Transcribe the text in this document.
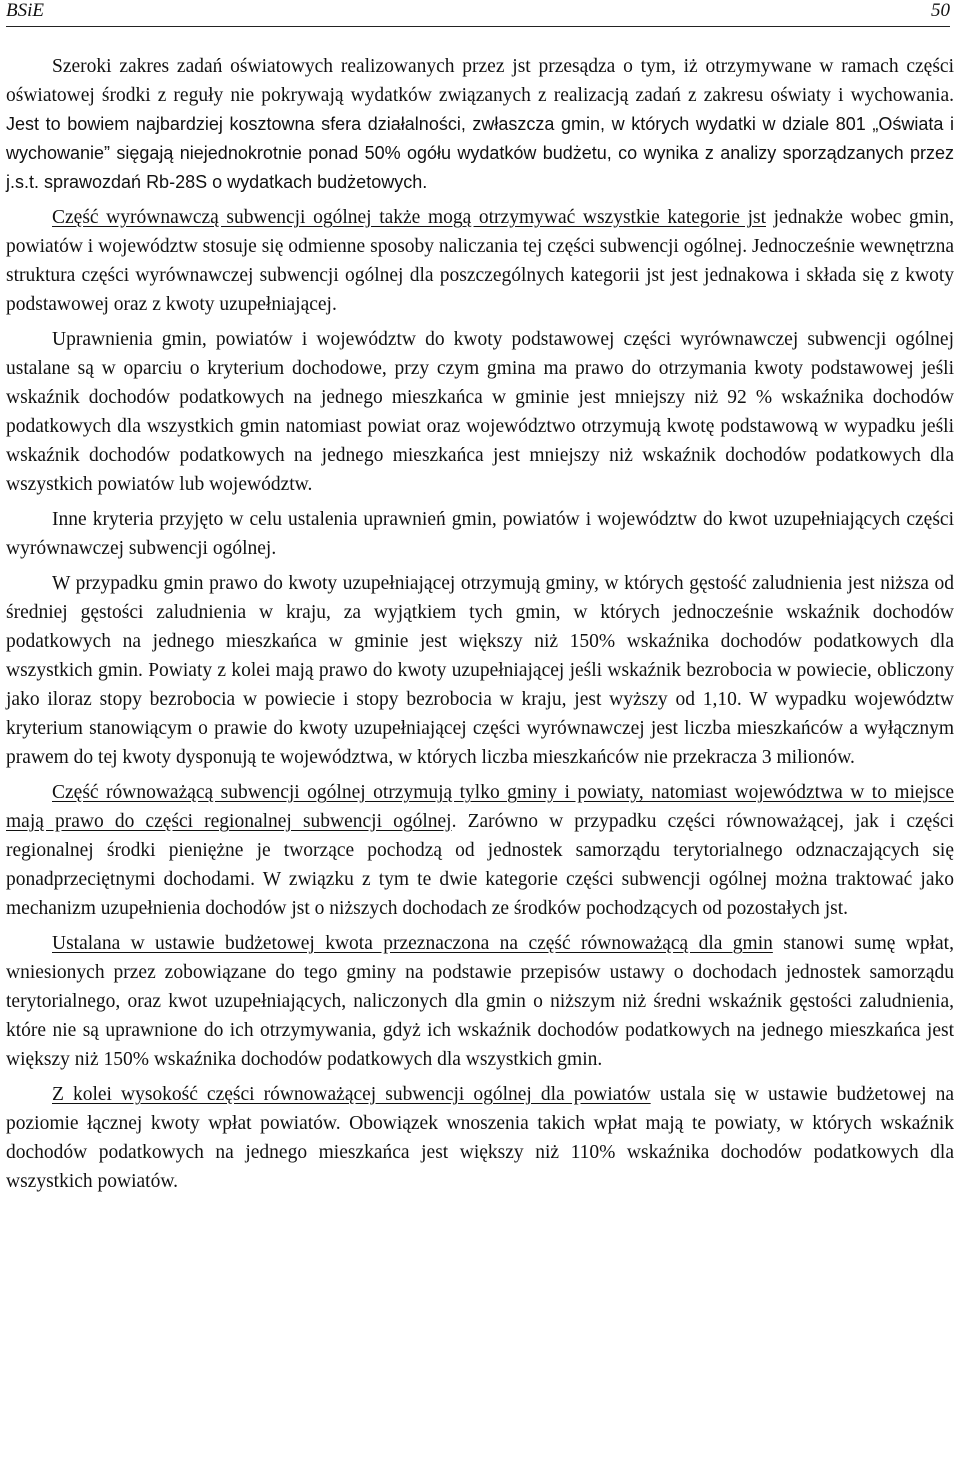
BSiE	50

Szeroki zakres zadań oświatowych realizowanych przez jst przesądza o tym, iż otrzymywane w ramach części oświatowej środki z reguły nie pokrywają wydatków związanych z realizacją zadań z zakresu oświaty i wychowania. Jest to bowiem najbardziej kosztowna sfera działalności, zwłaszcza gmin, w których wydatki w dziale 801 „Oświata i wychowanie” sięgają niejednokrotnie ponad 50% ogółu wydatków budżetu, co wynika z analizy sporządzanych przez j.s.t. sprawozdań Rb-28S o wydatkach budżetowych.

Część wyrównawczą subwencji ogólnej także mogą otrzymywać wszystkie kategorie jst jednakże wobec gmin, powiatów i województw stosuje się odmienne sposoby naliczania tej części subwencji ogólnej. Jednocześnie wewnętrzna struktura części wyrównawczej subwencji ogólnej dla poszczególnych kategorii jst jest jednakowa i składa się z kwoty podstawowej oraz z kwoty uzupełniającej.

Uprawnienia gmin, powiatów i województw do kwoty podstawowej części wyrównawczej subwencji ogólnej ustalane są w oparciu o kryterium dochodowe, przy czym gmina ma prawo do otrzymania kwoty podstawowej jeśli wskaźnik dochodów podatkowych na jednego mieszkańca w gminie jest mniejszy niż 92 % wskaźnika dochodów podatkowych dla wszystkich gmin natomiast powiat oraz województwo otrzymują kwotę podstawową w wypadku jeśli wskaźnik dochodów podatkowych na jednego mieszkańca jest mniejszy niż wskaźnik dochodów podatkowych dla wszystkich powiatów lub województw.

Inne kryteria przyjęto w celu ustalenia uprawnień gmin, powiatów i województw do kwot uzupełniających części wyrównawczej subwencji ogólnej.

W przypadku gmin prawo do kwoty uzupełniającej otrzymują gminy, w których gęstość zaludnienia jest niższa od średniej gęstości zaludnienia w kraju, za wyjątkiem tych gmin, w których jednocześnie wskaźnik dochodów podatkowych na jednego mieszkańca w gminie jest większy niż 150% wskaźnika dochodów podatkowych dla wszystkich gmin. Powiaty z kolei mają prawo do kwoty uzupełniającej jeśli wskaźnik bezrobocia w powiecie, obliczony jako iloraz stopy bezrobocia w powiecie i stopy bezrobocia w kraju, jest wyższy od 1,10. W wypadku województw kryterium stanowiącym o prawie do kwoty uzupełniającej części wyrównawczej jest liczba mieszkańców a wyłącznym prawem do tej kwoty dysponują te województwa, w których liczba mieszkańców nie przekracza 3 milionów.

Część równoważącą subwencji ogólnej otrzymują tylko gminy i powiaty, natomiast województwa w to miejsce mają prawo do części regionalnej subwencji ogólnej. Zarówno w przypadku części równoważącej, jak i części regionalnej środki pieniężne je tworzące pochodzą od jednostek samorządu terytorialnego odznaczających się ponadprzeciętnymi dochodami. W związku z tym te dwie kategorie części subwencji ogólnej można traktować jako mechanizm uzupełnienia dochodów jst o niższych dochodach ze środków pochodzących od pozostałych jst.

Ustalana w ustawie budżetowej kwota przeznaczona na część równoważącą dla gmin stanowi sumę wpłat, wniesionych przez zobowiązane do tego gminy na podstawie przepisów ustawy o dochodach jednostek samorządu terytorialnego, oraz kwot uzupełniających, naliczonych dla gmin o niższym niż średni wskaźnik gęstości zaludnienia, które nie są uprawnione do ich otrzymywania, gdyż ich wskaźnik dochodów podatkowych na jednego mieszkańca jest większy niż 150% wskaźnika dochodów podatkowych dla wszystkich gmin.

Z kolei wysokość części równoważącej subwencji ogólnej dla powiatów ustala się w ustawie budżetowej na poziomie łącznej kwoty wpłat powiatów. Obowiązek wnoszenia takich wpłat mają te powiaty, w których wskaźnik dochodów podatkowych na jednego mieszkańca jest większy niż 110% wskaźnika dochodów podatkowych dla wszystkich powiatów.
